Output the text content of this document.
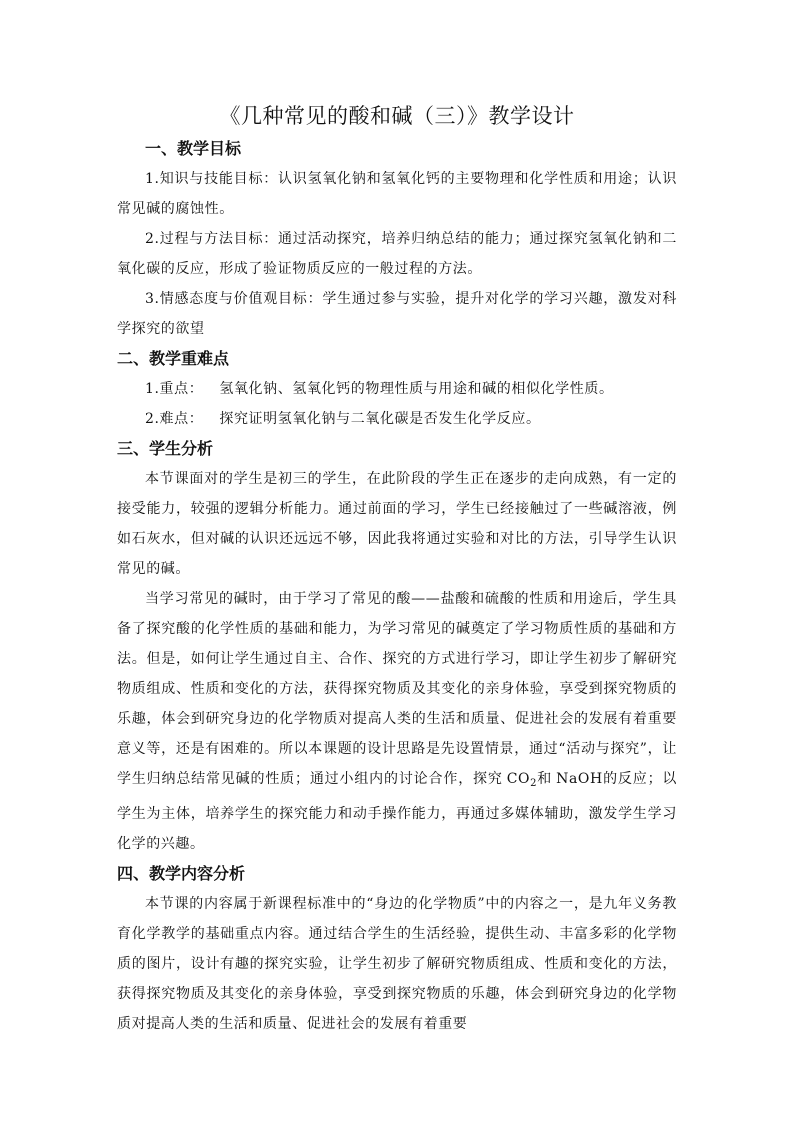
《几种常见的酸和碱（三）》教学设计
一、教学目标

1.知识与技能目标：认识氢氧化钠和氢氧化钙的主要物理和化学性质和用途；认识常见碱的腐蚀性。

2.过程与方法目标：通过活动探究，培养归纳总结的能力；通过探究氢氧化钠和二氧化碳的反应，形成了验证物质反应的一般过程的方法。

3.情感态度与价值观目标：学生通过参与实验，提升对化学的学习兴趣，激发对科学探究的欲望

二、教学重难点
1.重点： 氢氧化钠、氢氧化钙的物理性质与用途和碱的相似化学性质。
2.难点： 探究证明氢氧化钠与二氧化碳是否发生化学反应。
三、学生分析

本节课面对的学生是初三的学生，在此阶段的学生正在逐步的走向成熟，有一定的接受能力，较强的逻辑分析能力。通过前面的学习，学生已经接触过了一些碱溶液，例如石灰水，但对碱的认识还远远不够，因此我将通过实验和对比的方法，引导学生认识常见的碱。

当学习常见的碱时，由于学习了常见的酸——盐酸和硫酸的性质和用途后，学生具备了探究酸的化学性质的基础和能力，为学习常见的碱奠定了学习物质性质的基础和方法。但是，如何让学生通过自主、合作、探究的方式进行学习，即让学生初步了解研究物质组成、性质和变化的方法，获得探究物质及其变化的亲身体验，享受到探究物质的乐趣，体会到研究身边的化学物质对提高人类的生活和质量、促进社会的发展有着重要意义等，还是有困难的。所以本课题的设计思路是先设置情景，通过“活动与探究”，让学生归纳总结常见碱的性质；通过小组内的讨论合作，探究 $CO_2$和 NaOH的反应；以学生为主体，培养学生的探究能力和动手操作能力，再通过多媒体辅助，激发学生学习化学的兴趣。

四、教学内容分析

本节课的内容属于新课程标准中的“身边的化学物质”中的内容之一，是九年义务教育化学教学的基础重点内容。通过结合学生的生活经验，提供生动、丰富多彩的化学物质的图片，设计有趣的探究实验，让学生初步了解研究物质组成、性质和变化的方法，获得探究物质及其变化的亲身体验，享受到探究物质的乐趣，体会到研究身边的化学物质对提高人类的生活和质量、促进社会的发展有着重要
